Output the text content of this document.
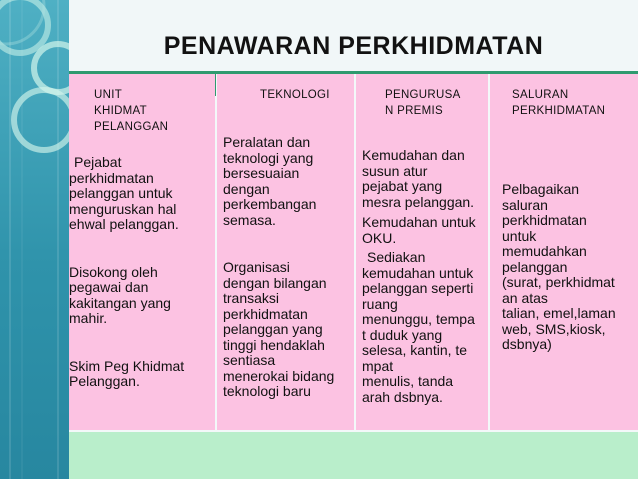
PENAWARAN PERKHIDMATAN
UNIT
KHIDMAT
PELANGGAN

Pejabat

perkhidmatan

pelanggan untuk

menguruskan hal

ehwal pelanggan.

Disokong oleh

pegawai dan

kakitangan yang

mahir.

Skim Peg Khidmat

Pelanggan.

TEKNOLOGI

Peralatan dan

teknologi yang

bersesuaian

dengan

perkembangan

semasa.

Organisasi

dengan bilangan

transaksi

perkhidmatan

pelanggan yang

tinggi hendaklah

sentiasa

menerokai bidang

teknologi baru

PENGURUSA
N PREMIS

Kemudahan dan

susun atur

pejabat yang

mesra pelanggan.

Kemudahan untuk

OKU.

Sediakan

kemudahan untuk

pelanggan seperti

ruang

menunggu, tempa

t duduk yang

selesa, kantin, te

mpat

menulis, tanda

arah dsbnya.

SALURAN
PERKHIDMATAN

Pelbagaikan

saluran

perkhidmatan

untuk

memudahkan

pelanggan

(surat, perkhidmat

an atas

talian, emel,laman

web, SMS,kiosk,

dsbnya)
